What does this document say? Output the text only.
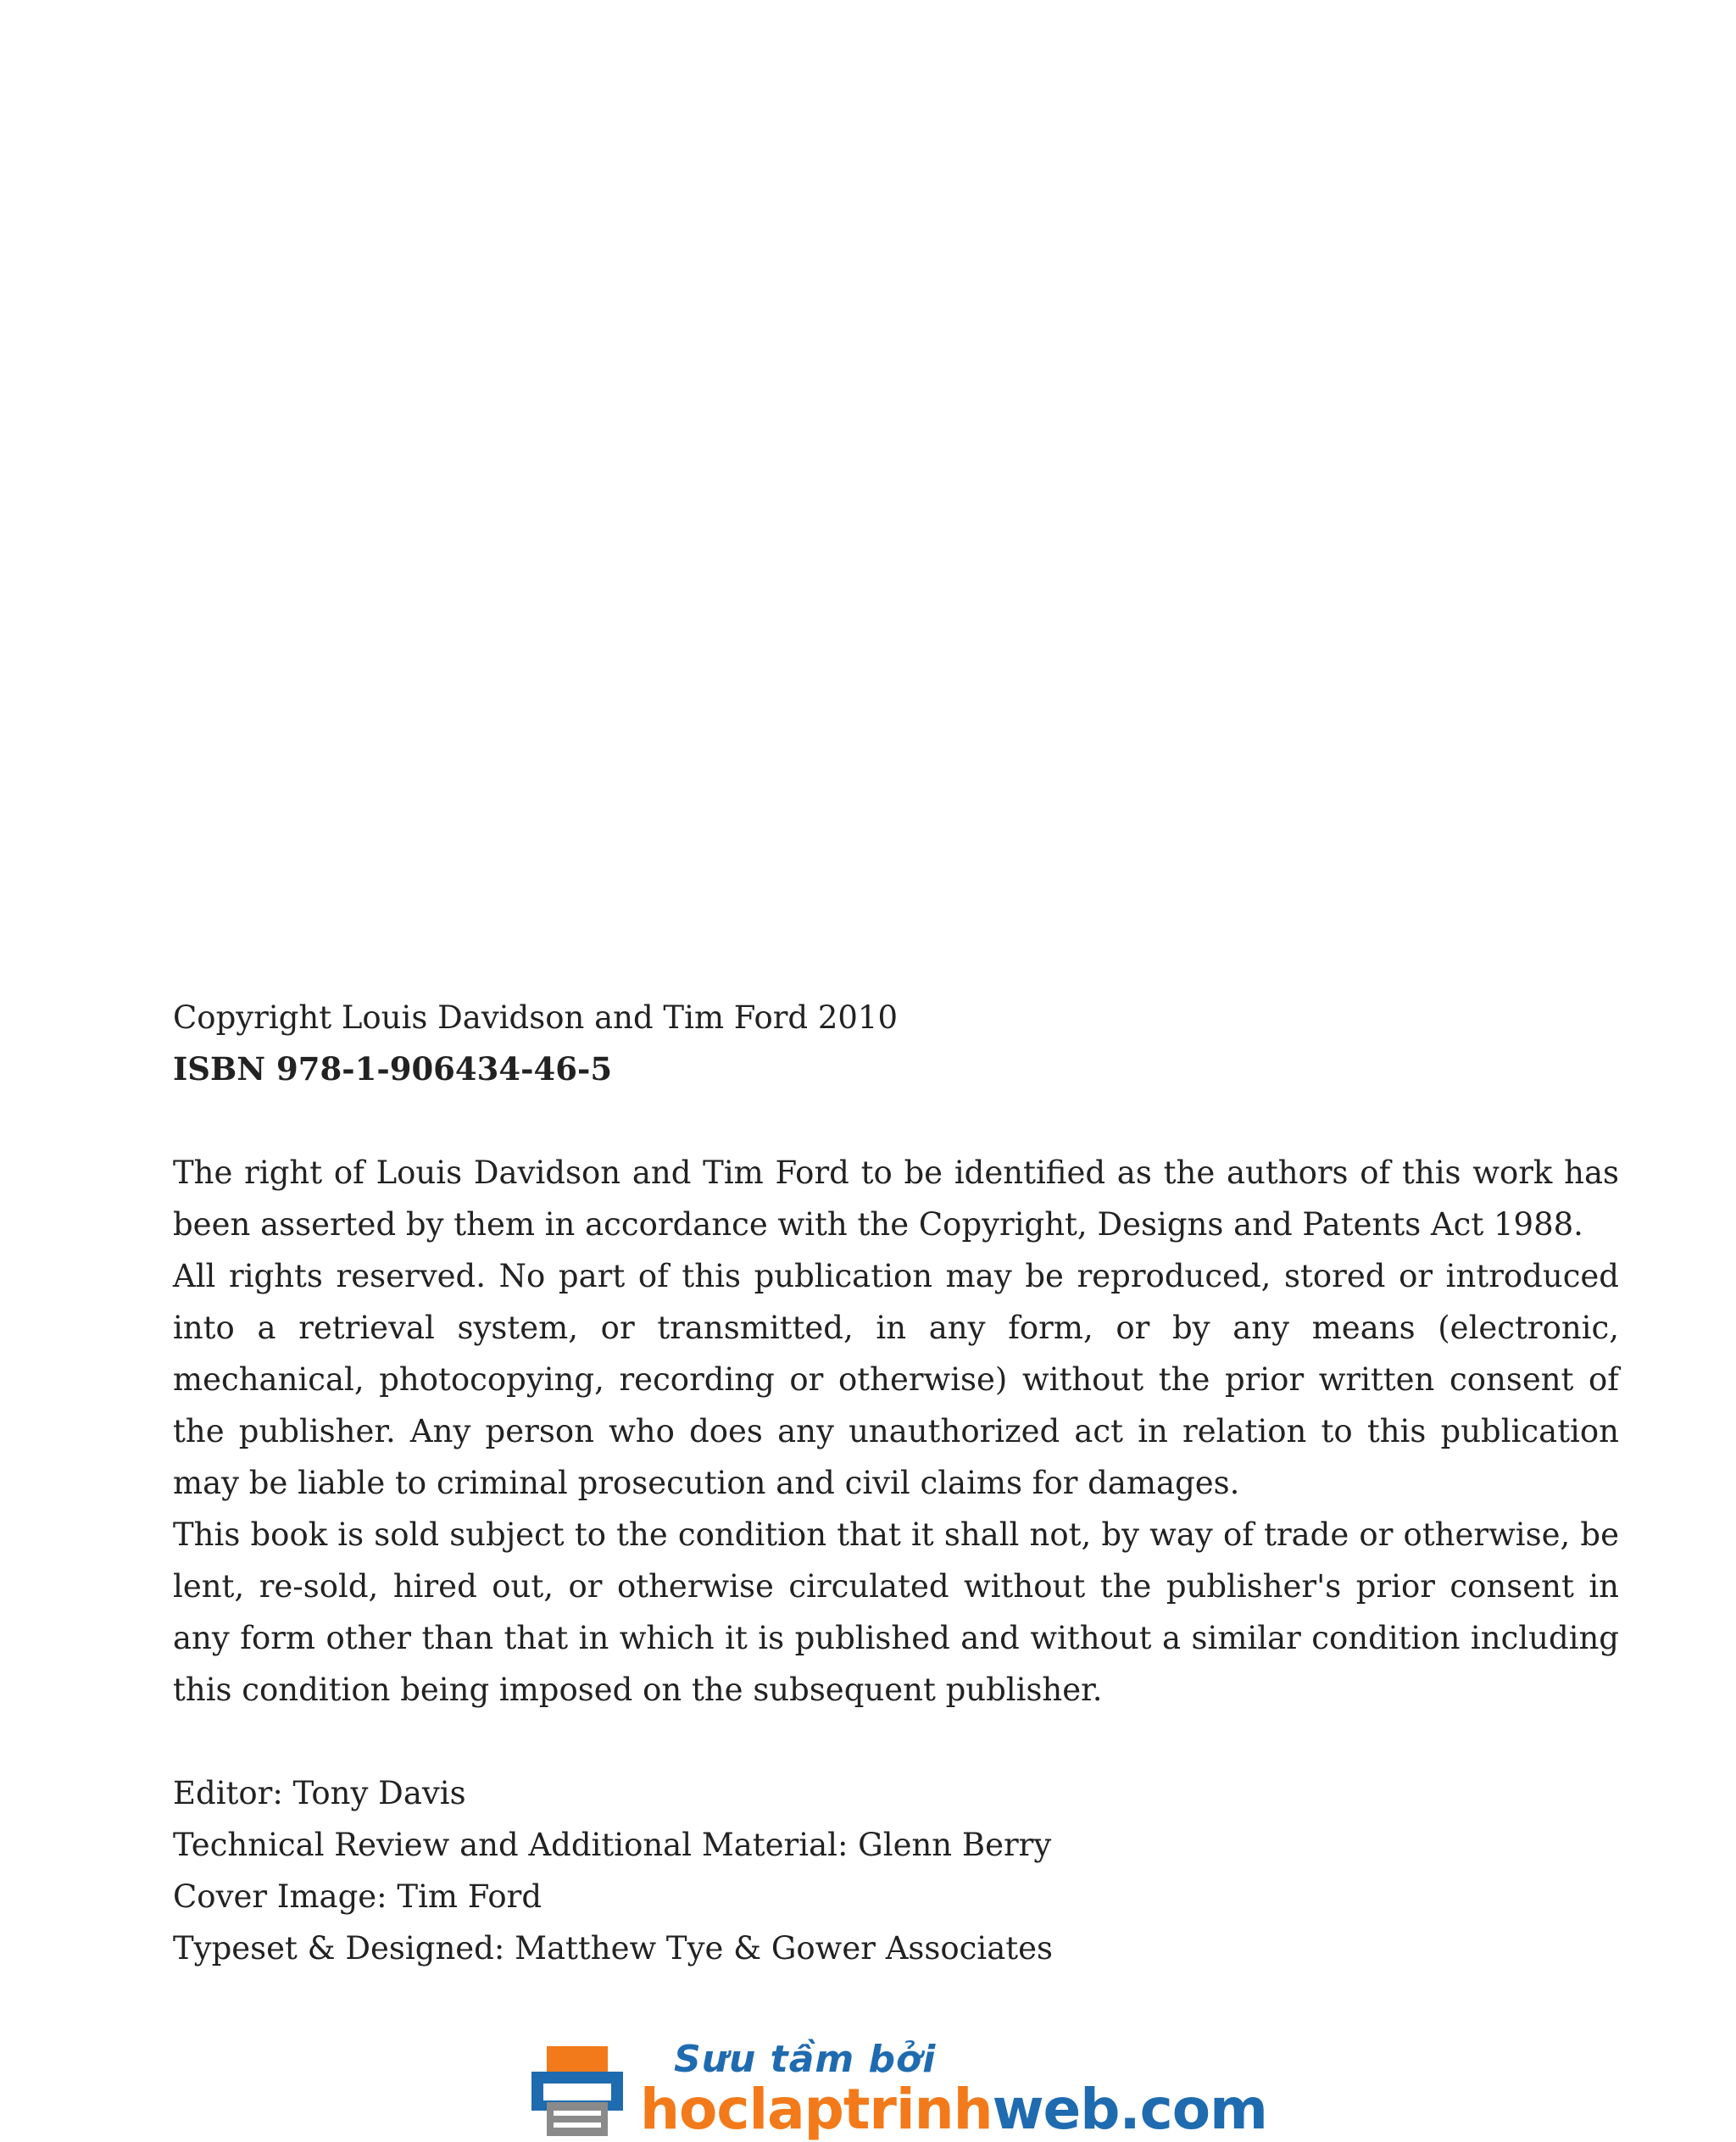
Copyright Louis Davidson and Tim Ford 2010
ISBN 978-1-906434-46-5
The right of Louis Davidson and Tim Ford to be identified as the authors of this work has been asserted by them in accordance with the Copyright, Designs and Patents Act 1988.
All rights reserved. No part of this publication may be reproduced, stored or introduced into a retrieval system, or transmitted, in any form, or by any means (electronic, mechanical, photocopying, recording or otherwise) without the prior written consent of the publisher. Any person who does any unauthorized act in relation to this publication may be liable to criminal prosecution and civil claims for damages.
This book is sold subject to the condition that it shall not, by way of trade or otherwise, be lent, re-sold, hired out, or otherwise circulated without the publisher's prior consent in any form other than that in which it is published and without a similar condition including this condition being imposed on the subsequent publisher.
Editor: Tony Davis
Technical Review and Additional Material: Glenn Berry
Cover Image: Tim Ford
Typeset & Designed: Matthew Tye & Gower Associates
Sưu tầm bởi
hoclaptrinhweb.com
